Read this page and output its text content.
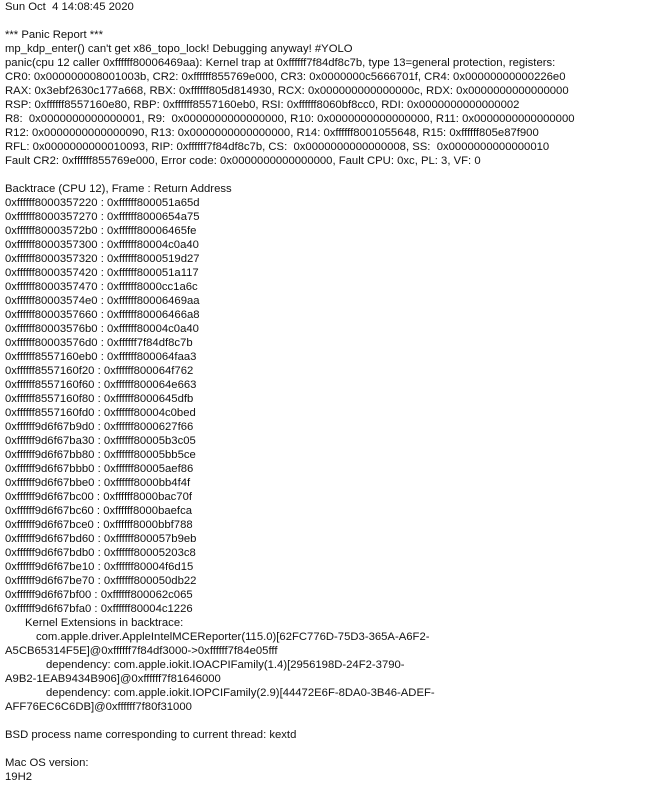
Sun Oct  4 14:08:45 2020
*** Panic Report ***
mp_kdp_enter() can't get x86_topo_lock! Debugging anyway! #YOLO
panic(cpu 12 caller 0xffffff80006469aa): Kernel trap at 0xffffff7f84df8c7b, type 13=general protection, registers:
CR0: 0x000000008001003b, CR2: 0xffffff855769e000, CR3: 0x0000000c5666701f, CR4: 0x00000000000226e0
RAX: 0x3ebf2630c177a668, RBX: 0xffffff805d814930, RCX: 0x000000000000000c, RDX: 0x0000000000000000
RSP: 0xffffff8557160e80, RBP: 0xffffff8557160eb0, RSI: 0xffffff8060bf8cc0, RDI: 0x0000000000000002
R8:  0x0000000000000001, R9:  0x0000000000000000, R10: 0x0000000000000000, R11: 0x0000000000000000
R12: 0x0000000000000090, R13: 0x0000000000000000, R14: 0xffffff8001055648, R15: 0xffffff805e87f900
RFL: 0x0000000000010093, RIP: 0xffffff7f84df8c7b, CS:  0x0000000000000008, SS:  0x0000000000000010
Fault CR2: 0xffffff855769e000, Error code: 0x0000000000000000, Fault CPU: 0xc, PL: 3, VF: 0
Backtrace (CPU 12), Frame : Return Address
0xffffff8000357220 : 0xffffff800051a65d
0xffffff8000357270 : 0xffffff8000654a75
0xffffff80003572b0 : 0xffffff80006465fe
0xffffff8000357300 : 0xffffff80004c0a40
0xffffff8000357320 : 0xffffff8000519d27
0xffffff8000357420 : 0xffffff800051a117
0xffffff8000357470 : 0xffffff8000cc1a6c
0xffffff80003574e0 : 0xffffff80006469aa
0xffffff8000357660 : 0xffffff80006466a8
0xffffff80003576b0 : 0xffffff80004c0a40
0xffffff80003576d0 : 0xffffff7f84df8c7b
0xffffff8557160eb0 : 0xffffff800064faa3
0xffffff8557160f20 : 0xffffff800064f762
0xffffff8557160f60 : 0xffffff800064e663
0xffffff8557160f80 : 0xffffff8000645dfb
0xffffff8557160fd0 : 0xffffff80004c0bed
0xffffff9d6f67b9d0 : 0xffffff8000627f66
0xffffff9d6f67ba30 : 0xffffff80005b3c05
0xffffff9d6f67bb80 : 0xffffff80005bb5ce
0xffffff9d6f67bbb0 : 0xffffff80005aef86
0xffffff9d6f67bbe0 : 0xffffff8000bb4f4f
0xffffff9d6f67bc00 : 0xffffff8000bac70f
0xffffff9d6f67bc60 : 0xffffff8000baefca
0xffffff9d6f67bce0 : 0xffffff8000bbf788
0xffffff9d6f67bd60 : 0xffffff800057b9eb
0xffffff9d6f67bdb0 : 0xffffff80005203c8
0xffffff9d6f67be10 : 0xffffff80004f6d15
0xffffff9d6f67be70 : 0xffffff800050db22
0xffffff9d6f67bf00 : 0xffffff800062c065
0xffffff9d6f67bfa0 : 0xffffff80004c1226
Kernel Extensions in backtrace:
com.apple.driver.AppleIntelMCEReporter(115.0)[62FC776D-75D3-365A-A6F2-
A5CB65314F5E]@0xffffff7f84df3000->0xffffff7f84e05fff
dependency: com.apple.iokit.IOACPIFamily(1.4)[2956198D-24F2-3790-
A9B2-1EAB9434B906]@0xffffff7f81646000
dependency: com.apple.iokit.IOPCIFamily(2.9)[44472E6F-8DA0-3B46-ADEF-
AFF76EC6C6DB]@0xffffff7f80f31000
BSD process name corresponding to current thread: kextd
Mac OS version:
19H2
